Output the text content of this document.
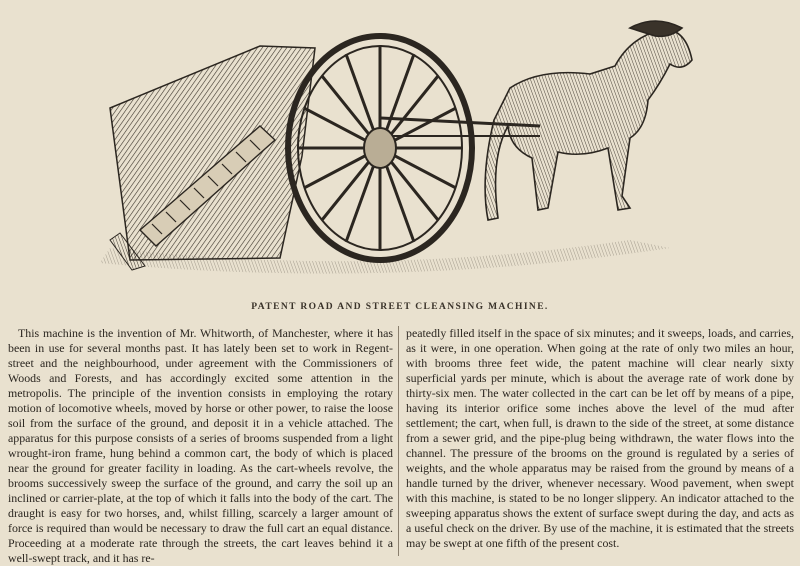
PATENT ROAD AND STREET CLEANSING MACHINE.

This machine is the invention of Mr. Whitworth, of Manchester, where it has been in use for several months past. It has lately been set to work in Regent-street and the neighbourhood, under agreement with the Commissioners of Woods and Forests, and has accordingly excited some attention in the metropolis. The principle of the invention consists in employing the rotary motion of locomotive wheels, moved by horse or other power, to raise the loose soil from the surface of the ground, and deposit it in a vehicle attached. The apparatus for this purpose consists of a series of brooms suspended from a light wrought-iron frame, hung behind a common cart, the body of which is placed near the ground for greater facility in loading. As the cart-wheels revolve, the brooms successively sweep the surface of the ground, and carry the soil up an inclined or carrier-plate, at the top of which it falls into the body of the cart. The draught is easy for two horses, and, whilst filling, scarcely a larger amount of force is required than would be necessary to draw the full cart an equal distance. Proceeding at a moderate rate through the streets, the cart leaves behind it a well-swept track, and it has re-

peatedly filled itself in the space of six minutes; and it sweeps, loads, and carries, as it were, in one operation. When going at the rate of only two miles an hour, with brooms three feet wide, the patent machine will clear nearly sixty superficial yards per minute, which is about the average rate of work done by thirty-six men. The water collected in the cart can be let off by means of a pipe, having its interior orifice some inches above the level of the mud after settlement; the cart, when full, is drawn to the side of the street, at some distance from a sewer grid, and the pipe-plug being withdrawn, the water flows into the channel. The pressure of the brooms on the ground is regulated by a series of weights, and the whole apparatus may be raised from the ground by means of a handle turned by the driver, whenever necessary. Wood pavement, when swept with this machine, is stated to be no longer slippery. An indicator attached to the sweeping apparatus shows the extent of surface swept during the day, and acts as a useful check on the driver. By use of the machine, it is estimated that the streets may be swept at one fifth of the present cost.
